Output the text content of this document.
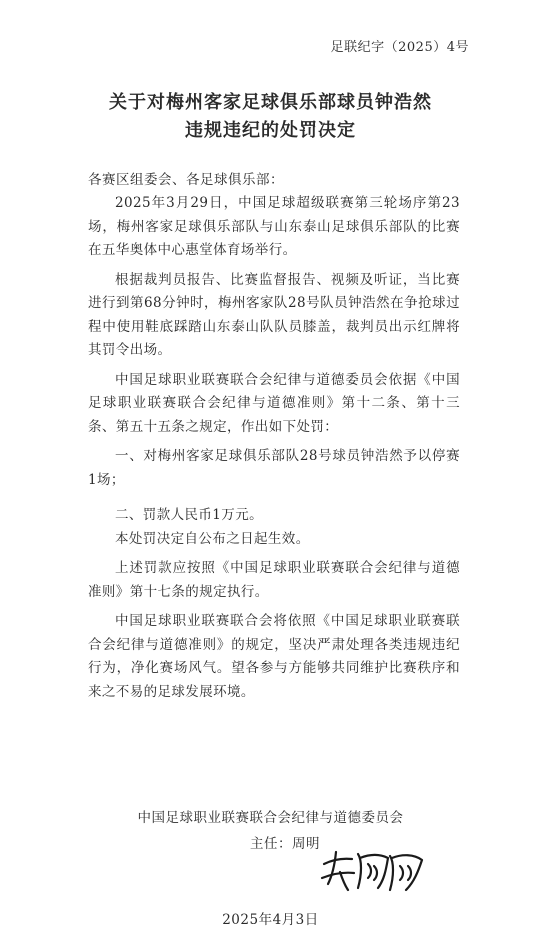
足联纪字（2025）4号
关于对梅州客家足球俱乐部球员钟浩然
违规违纪的处罚决定
各赛区组委会、各足球俱乐部：

2025年3月29日，中国足球超级联赛第三轮场序第23场，梅州客家足球俱乐部队与山东泰山足球俱乐部队的比赛在五华奥体中心惠堂体育场举行。

根据裁判员报告、比赛监督报告、视频及听证，当比赛进行到第68分钟时，梅州客家队28号队员钟浩然在争抢球过程中使用鞋底踩踏山东泰山队队员膝盖，裁判员出示红牌将其罚令出场。

中国足球职业联赛联合会纪律与道德委员会依据《中国足球职业联赛联合会纪律与道德准则》第十二条、第十三条、第五十五条之规定，作出如下处罚：

一、对梅州客家足球俱乐部队28号球员钟浩然予以停赛1场；

二、罚款人民币1万元。

本处罚决定自公布之日起生效。

上述罚款应按照《中国足球职业联赛联合会纪律与道德准则》第十七条的规定执行。

中国足球职业联赛联合会将依照《中国足球职业联赛联合会纪律与道德准则》的规定，坚决严肃处理各类违规违纪行为，净化赛场风气。望各参与方能够共同维护比赛秩序和来之不易的足球发展环境。

中国足球职业联赛联合会纪律与道德委员会
主任：周明
2025年4月3日
